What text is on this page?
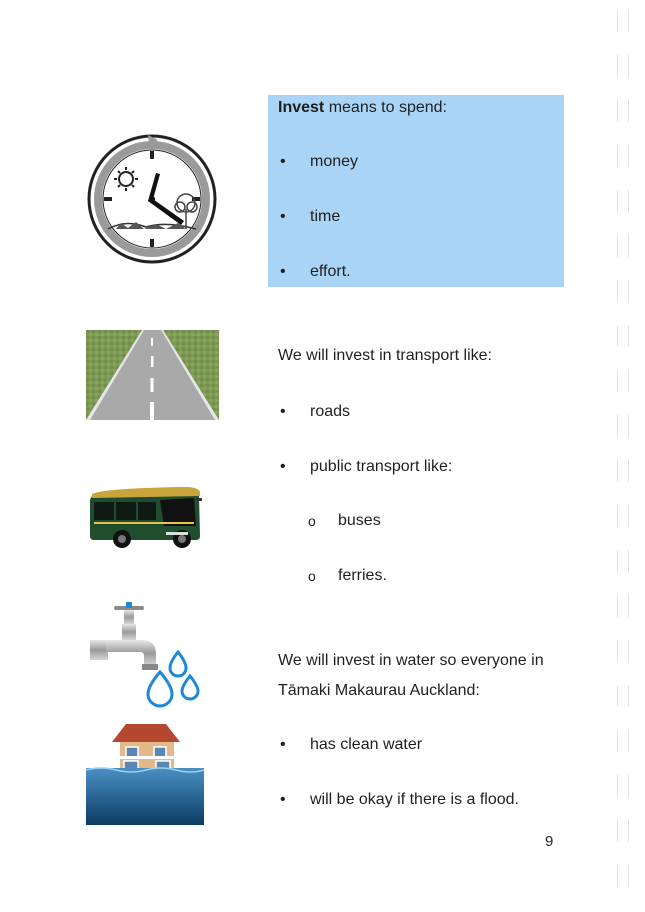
Invest means to spend:
•	money
•	time
•	effort.
We will invest in transport like:
•	roads
•	public transport like:
o	buses
o	ferries.
We will invest in water so everyone in
Tāmaki Makaurau Auckland:
•	has clean water
•	will be okay if there is a flood.
9
